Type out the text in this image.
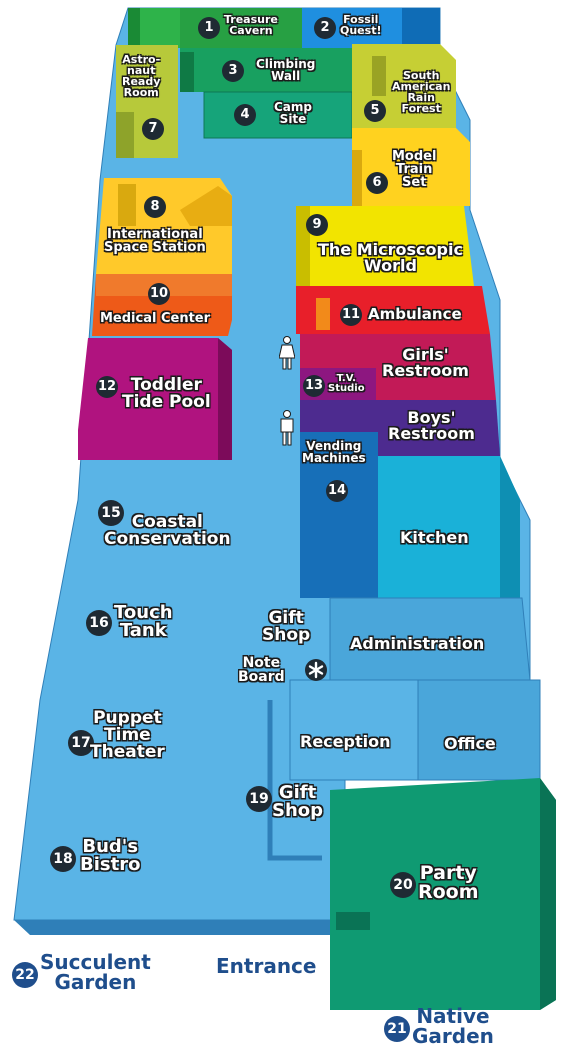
1
Treasure
Cavern	2
Fossil
Quest!
3	Climbing
Wall
4	Camp
Site
South
American
Rain
Forest
5
Model
Train
Set
6
Astro-
naut
Ready
Room
7
8
International
Space Station
9
The Microscopic
World
10
Medical Center	11 Ambulance
12 Toddler
Tide Pool
Girls'
Restroom
13	T.V.
Studio
Boys'
Restroom
Vending
Machines
14
Kitchen
15 Coastal
Conservation
16 Touch
Tank
Gift
Shop
Note
Board
Administration
17
Puppet
Time
Theater
Reception	Office
19 Gift
Shop
18
Bud's
Bistro
20
Party
Room
22
Succulent
Garden
Entrance
21
Native
Garden
